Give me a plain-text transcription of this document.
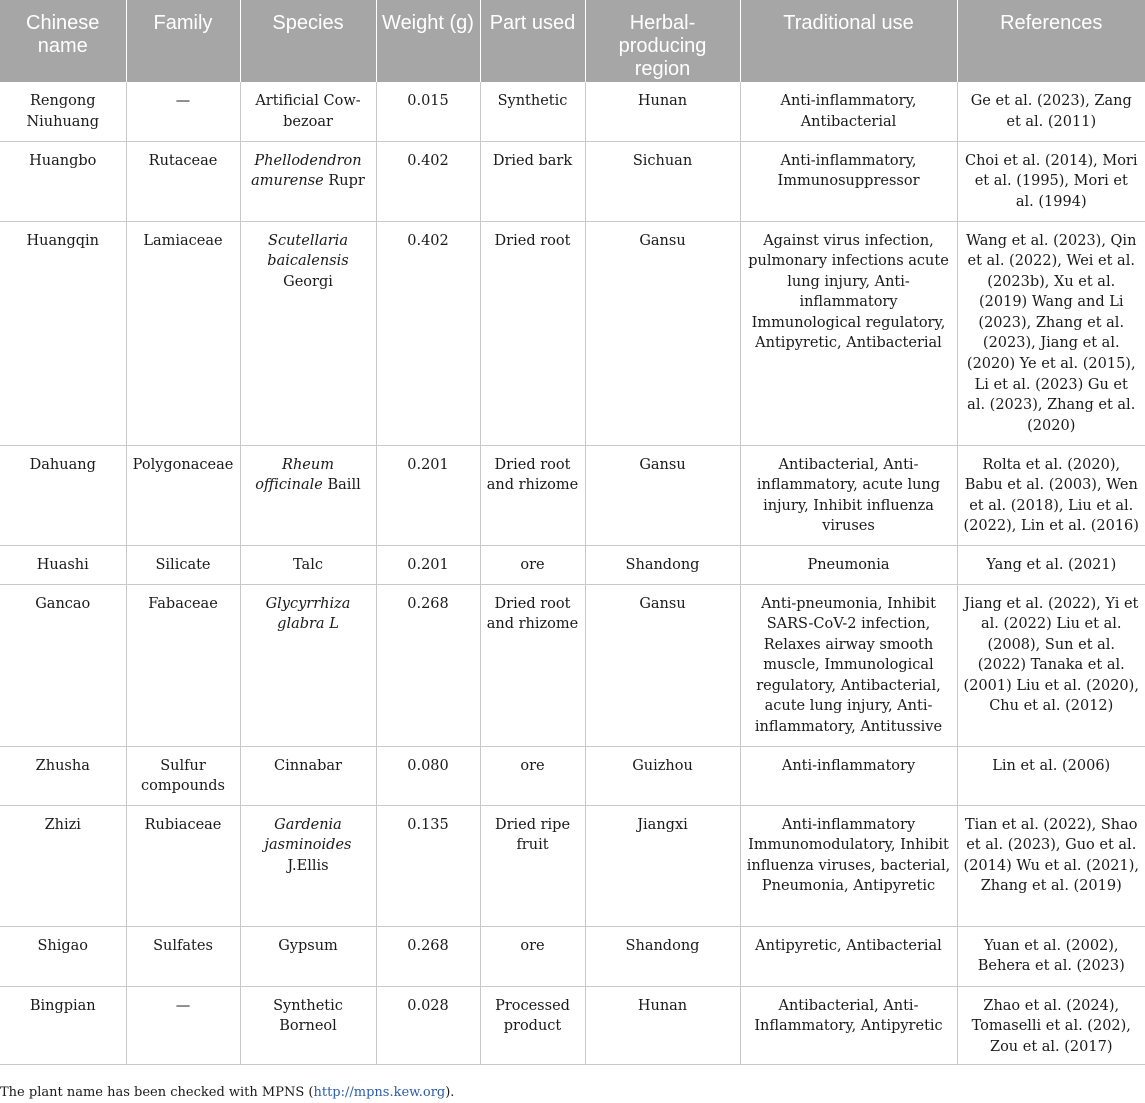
Chinese name	Family	Species	Weight (g)	Part used	Herbal-producing region	Traditional use	References
Rengong Niuhuang	—	Artificial Cow-bezoar	0.015	Synthetic	Hunan	Anti-inflammatory, Antibacterial	Ge et al. (2023), Zang et al. (2011)
Huangbo	Rutaceae	Phellodendron amurense Rupr	0.402	Dried bark	Sichuan	Anti-inflammatory, Immunosuppressor	Choi et al. (2014), Mori et al. (1995), Mori et al. (1994)
Huangqin	Lamiaceae	Scutellaria baicalensis Georgi	0.402	Dried root	Gansu	Against virus infection, pulmonary infections acute lung injury, Anti-inflammatory Immunological regulatory, Antipyretic, Antibacterial	Wang et al. (2023), Qin et al. (2022), Wei et al. (2023b), Xu et al. (2019) Wang and Li (2023), Zhang et al. (2023), Jiang et al. (2020) Ye et al. (2015), Li et al. (2023) Gu et al. (2023), Zhang et al. (2020)
Dahuang	Polygonaceae	Rheum officinale Baill	0.201	Dried root and rhizome	Gansu	Antibacterial, Anti-inflammatory, acute lung injury, Inhibit influenza viruses	Rolta et al. (2020), Babu et al. (2003), Wen et al. (2018), Liu et al. (2022), Lin et al. (2016)
Huashi	Silicate	Talc	0.201	ore	Shandong	Pneumonia	Yang et al. (2021)
Gancao	Fabaceae	Glycyrrhiza glabra L	0.268	Dried root and rhizome	Gansu	Anti-pneumonia, Inhibit SARS-CoV-2 infection, Relaxes airway smooth muscle, Immunological regulatory, Antibacterial, acute lung injury, Anti-inflammatory, Antitussive	Jiang et al. (2022), Yi et al. (2022) Liu et al. (2008), Sun et al. (2022) Tanaka et al. (2001) Liu et al. (2020), Chu et al. (2012)
Zhusha	Sulfur compounds	Cinnabar	0.080	ore	Guizhou	Anti-inflammatory	Lin et al. (2006)
Zhizi	Rubiaceae	Gardenia jasminoides J.Ellis	0.135	Dried ripe fruit	Jiangxi	Anti-inflammatory Immunomodulatory, Inhibit influenza viruses, bacterial, Pneumonia, Antipyretic	Tian et al. (2022), Shao et al. (2023), Guo et al. (2014) Wu et al. (2021), Zhang et al. (2019)
Shigao	Sulfates	Gypsum	0.268	ore	Shandong	Antipyretic, Antibacterial	Yuan et al. (2002), Behera et al. (2023)
Bingpian	—	Synthetic Borneol	0.028	Processed product	Hunan	Antibacterial, Anti-Inflammatory, Antipyretic	Zhao et al. (2024), Tomaselli et al. (202), Zou et al. (2017)
The plant name has been checked with MPNS (http://mpns.kew.org).
